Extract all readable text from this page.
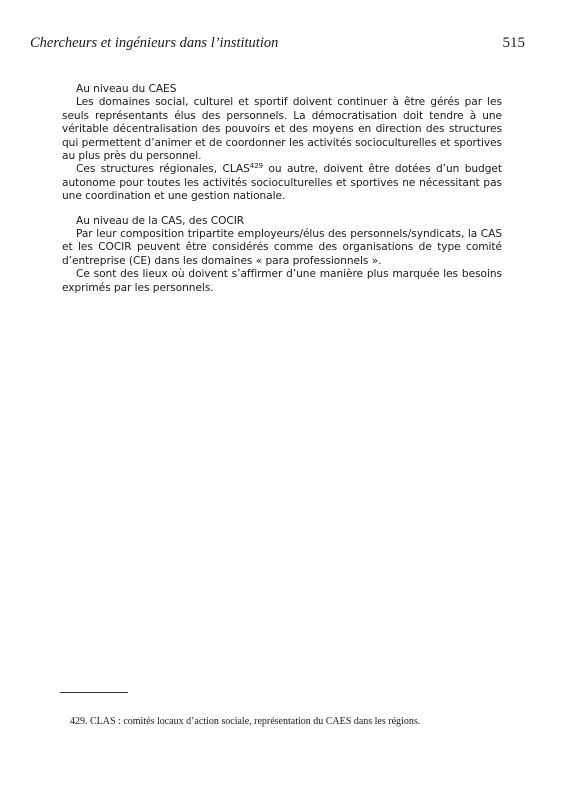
Chercheurs et ingénieurs dans l’institution	515

Au niveau du CAES

Les domaines social, culturel et sportif doivent continuer à être gérés par les seuls représentants élus des personnels. La démocratisation doit tendre à une véritable décentralisation des pouvoirs et des moyens en direction des structures qui permettent d’animer et de coordonner les activités socioculturelles et sportives au plus près du personnel.

Ces structures régionales, CLAS$^{429}$ ou autre, doivent être dotées d’un budget autonome pour toutes les activités socioculturelles et sportives ne nécessitant pas une coordination et une gestion nationale.

Au niveau de la CAS, des COCIR

Par leur composition tripartite employeurs/élus des personnels/syndicats, la CAS et les COCIR peuvent être considérés comme des organisations de type comité d’entreprise (CE) dans les domaines « para professionnels ».

Ce sont des lieux où doivent s’affirmer d’une manière plus marquée les besoins exprimés par les personnels.

429. CLAS : comités locaux d’action sociale, représentation du CAES dans les régions.
